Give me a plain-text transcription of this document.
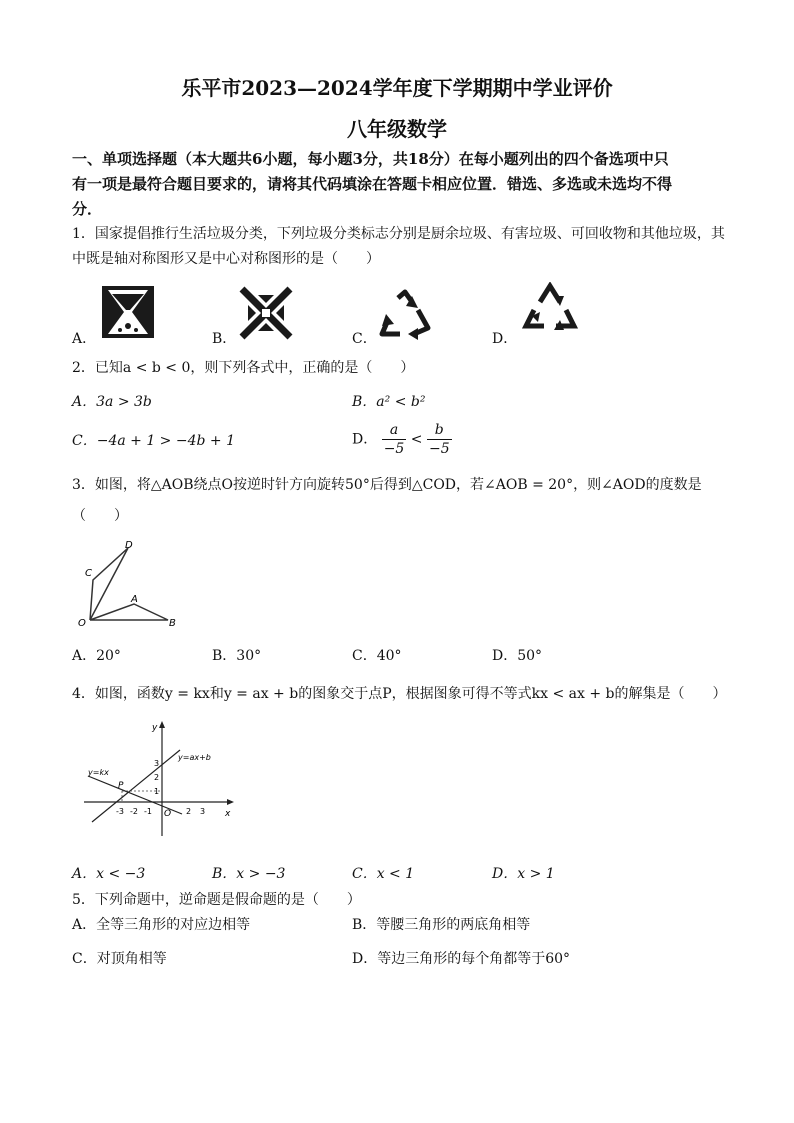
乐平市2023—2024学年度下学期期中学业评价
八年级数学
一、单项选择题（本大题共6小题，每小题3分，共18分）在每小题列出的四个备选项中只
有一项是最符合题目要求的，请将其代码填涂在答题卡相应位置．错选、多选或未选均不得
分．
1．国家提倡推行生活垃圾分类，下列垃圾分类标志分别是厨余垃圾、有害垃圾、可回收物和其他垃圾，其
中既是轴对称图形又是中心对称图形的是（　　）
A．	B．	C．	D．
2．已知a < b < 0，则下列各式中，正确的是（　　）
A．3a > 3b	B．a² < b²
C．−4a + 1 > −4b + 1	D． $\frac{a}{-5} < \frac{b}{-5}$
3．如图，将△AOB绕点O按逆时针方向旋转50°后得到△COD，若∠AOB = 20°，则∠AOD的度数是
（　　）
D
C
A
O	B
A．20°	B．30°	C．40°	D．50°
4．如图，函数y = kx和y = ax + b的图象交于点P，根据图象可得不等式kx < ax + b的解集是（　　）
y
x
y=ax+b
y=kx
P
O
-3 -2 -1	2 3
3
2
1
A．x < −3	B．x > −3	C．x < 1	D．x > 1
5．下列命题中，逆命题是假命题的是（　　）
A．全等三角形的对应边相等	B．等腰三角形的两底角相等
C．对顶角相等	D．等边三角形的每个角都等于60°
